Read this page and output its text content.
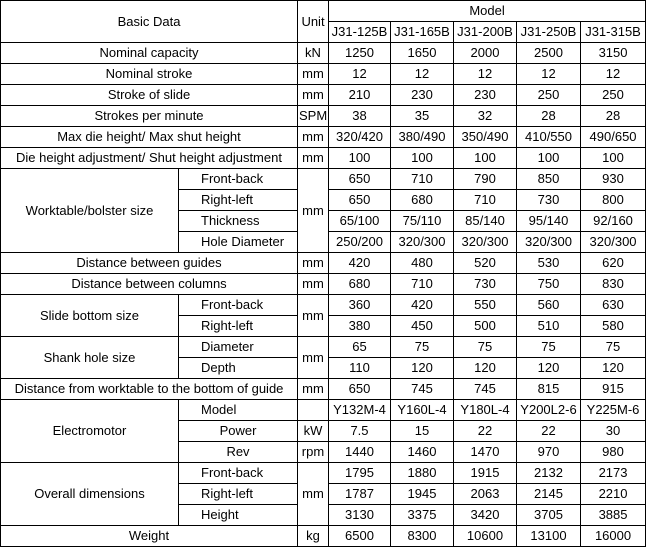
Basic Data		Unit	Model				
			J31-125B	J31-165B	J31-200B	J31-250B	J31-315B
Nominal capacity		kN	1250	1650	2000	2500	3150
Nominal stroke		mm	12	12	12	12	12
Stroke of slide		mm	210	230	230	250	250
Strokes per minute		SPM	38	35	32	28	28
Max die height/ Max shut height		mm	320/420	380/490	350/490	410/550	490/650
Die height adjustment/ Shut height adjustment		mm	100	100	100	100	100
Worktable/bolster size	Front-back	mm	650	710	790	850	930
	Right-left		650	680	710	730	800
	Thickness		65/100	75/110	85/140	95/140	92/160
	Hole Diameter		250/200	320/300	320/300	320/300	320/300
Distance between guides		mm	420	480	520	530	620
Distance between columns		mm	680	710	730	750	830
Slide bottom size	Front-back	mm	360	420	550	560	630
	Right-left		380	450	500	510	580
Shank hole size	Diameter	mm	65	75	75	75	75
	Depth		110	120	120	120	120
Distance from worktable to the bottom of guide		mm	650	745	745	815	915
Electromotor	Model		Y132M-4	Y160L-4	Y180L-4	Y200L2-6	Y225M-6
	Power	kW	7.5	15	22	22	30
	Rev	rpm	1440	1460	1470	970	980
Overall dimensions	Front-back	mm	1795	1880	1915	2132	2173
	Right-left		1787	1945	2063	2145	2210
	Height		3130	3375	3420	3705	3885
Weight		kg	6500	8300	10600	13100	16000
